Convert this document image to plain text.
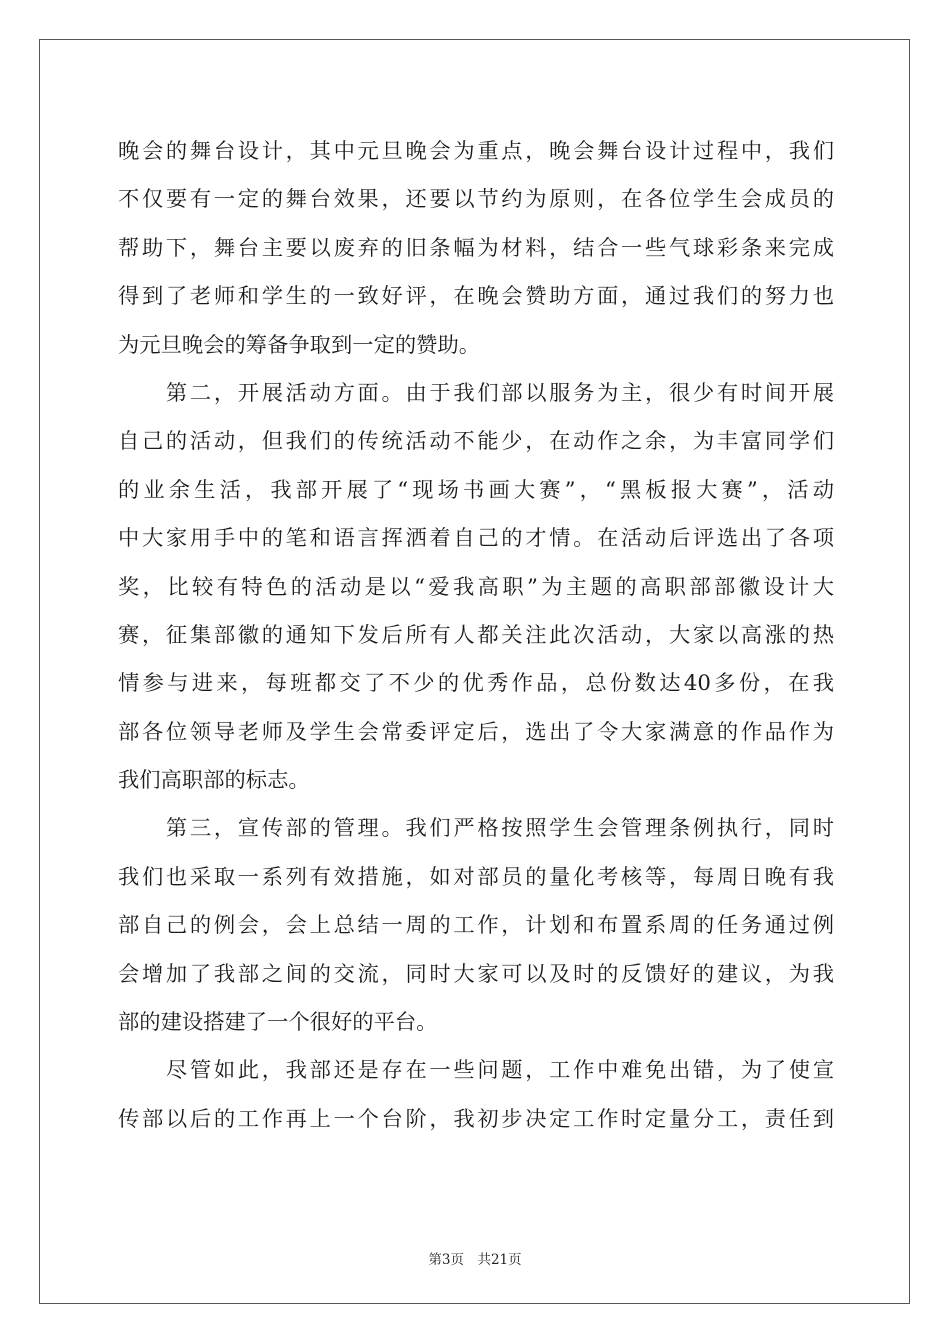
晚会的舞台设计，其中元旦晚会为重点，晚会舞台设计过程中，我们
不仅要有一定的舞台效果，还要以节约为原则，在各位学生会成员的
帮助下，舞台主要以废弃的旧条幅为材料，结合一些气球彩条来完成
得到了老师和学生的一致好评，在晚会赞助方面，通过我们的努力也
为元旦晚会的筹备争取到一定的赞助。
　　第二，开展活动方面。由于我们部以服务为主，很少有时间开展
自己的活动，但我们的传统活动不能少，在动作之余，为丰富同学们
的业余生活，我部开展了“现场书画大赛”，“黑板报大赛”，活动
中大家用手中的笔和语言挥洒着自己的才情。在活动后评选出了各项
奖，比较有特色的活动是以“爱我高职”为主题的高职部部徽设计大
赛，征集部徽的通知下发后所有人都关注此次活动，大家以高涨的热
情参与进来，每班都交了不少的优秀作品，总份数达40多份，在我
部各位领导老师及学生会常委评定后，选出了令大家满意的作品作为
我们高职部的标志。
　　第三，宣传部的管理。我们严格按照学生会管理条例执行，同时
我们也采取一系列有效措施，如对部员的量化考核等，每周日晚有我
部自己的例会，会上总结一周的工作，计划和布置系周的任务通过例
会增加了我部之间的交流，同时大家可以及时的反馈好的建议，为我
部的建设搭建了一个很好的平台。
　　尽管如此，我部还是存在一些问题，工作中难免出错，为了使宣
传部以后的工作再上一个台阶，我初步决定工作时定量分工，责任到
第3页　共21页
